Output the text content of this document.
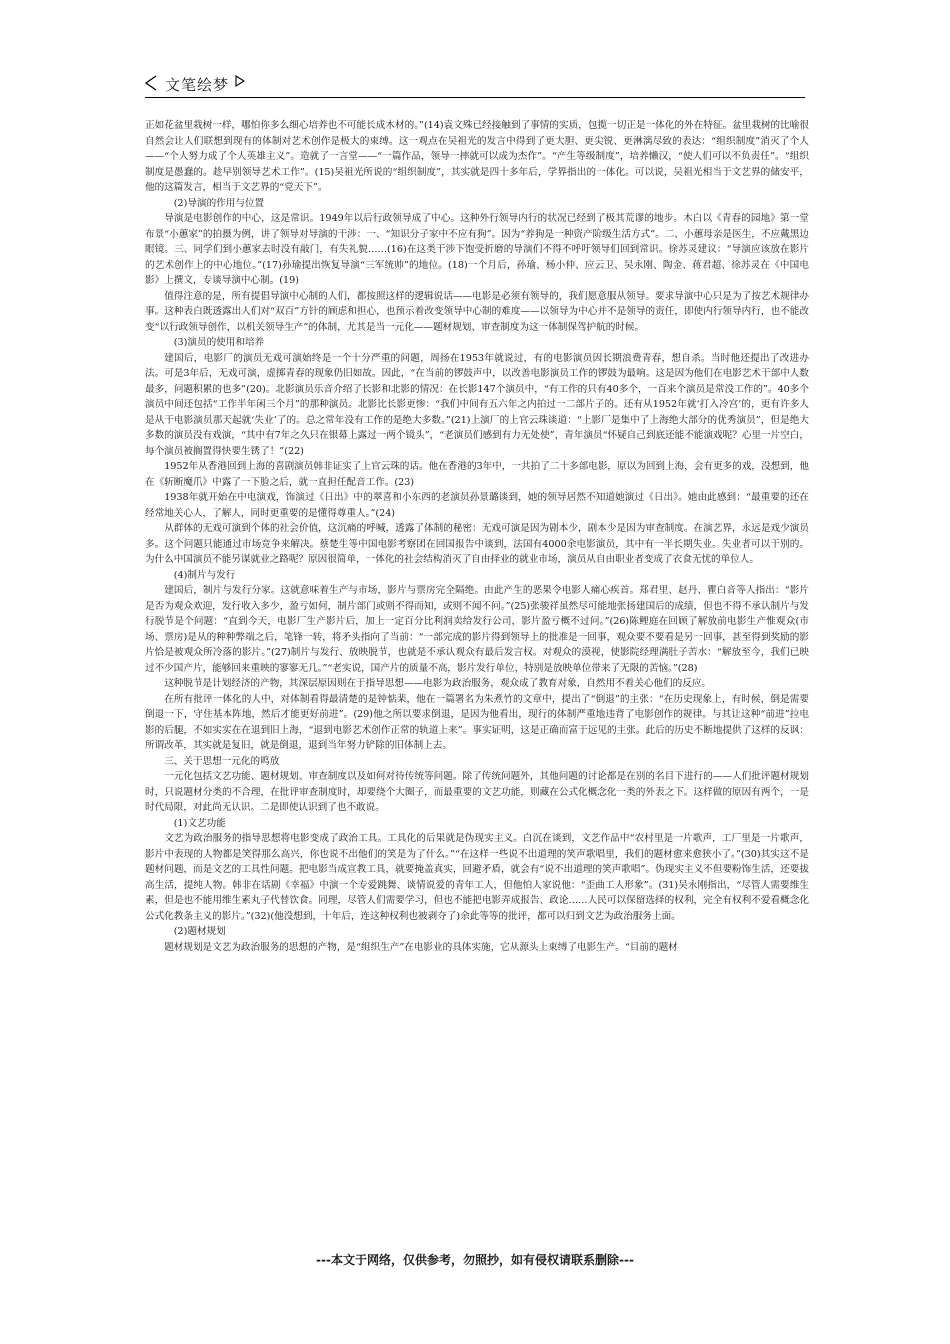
文笔绘梦

正如花盆里栽树一样，哪怕你多么细心培养也不可能长成木材的。”(14)袁文殊已经接触到了事情的实质，包揽一切正是一体化的外在特征。盆里栽树的比喻很自然会让人们联想到现有的体制对艺术创作是极大的束缚。这一观点在吴祖光的发言中得到了更大胆、更尖锐、更淋漓尽致的表达：“组织制度”消灭了个人——“个人努力成了个人英雄主义”。造就了一言堂——“一篇作品，领导一摔就可以成为杰作”。“产生等级制度”，培养懒汉，“使人们可以不负责任”。“组织制度是愚蠢的。趁早别领导艺术工作”。(15)吴祖光所说的“组织制度”，其实就是四十多年后，学界指出的一体化。可以说，吴祖光相当于文艺界的储安平，他的这篇发言，相当于文艺界的“党天下”。

(2)导演的作用与位置

导演是电影创作的中心，这是常识。1949年以后行政领导成了中心。这种外行领导内行的状况已经到了极其荒谬的地步。木白以《青春的园地》第一堂布景“小蕙家”的拍摄为例，讲了领导对导演的干涉：一、“知识分子家中不应有狗”。因为“养狗是一种资产阶级生活方式”。二、小蕙母亲是医生，不应戴黑边眼镜。三、同学们到小蕙家去时没有敲门，有失礼貌……(16)在这类干涉下饱受折磨的导演们不得不呼吁领导们回到常识。徐苏灵建议：“导演应该放在影片的艺术创作上的中心地位。”(17)孙瑜提出恢复导演“三军统帅”的地位。(18)一个月后，孙瑜、杨小仲、应云卫、吴永刚、陶金、蒋君超、徐苏灵在《中国电影》上撰文，专谈导演中心制。(19)

值得注意的是，所有提倡导演中心制的人们，都按照这样的逻辑说话——电影是必须有领导的，我们愿意服从领导。要求导演中心只是为了按艺术规律办事。这种表白既透露出人们对“双百”方针的顾虑和担心，也预示着改变领导中心制的难度——以领导为中心并不是领导的责任，即使内行领导内行，也不能改变“以行政领导创作，以机关领导生产”的体制，尤其是当一元化——题材规划、审查制度为这一体制保驾护航的时候。

(3)演员的使用和培养

建国后，电影厂的演员无戏可演始终是一个十分严重的问题，周扬在1953年就说过，有的电影演员因长期浪费青春，想自杀。当时他还提出了改进办法。可是3年后，无戏可演，虚掷青春的现象仍旧如故。因此，“在当前的锣鼓声中，以改善电影演员工作的锣鼓为最响。这是因为他们在电影艺术干部中人数最多，问题积累的也多”(20)。北影演员乐音介绍了长影和北影的情况：在长影147个演员中，“有工作的只有40多个，一百来个演员是常没工作的”。40多个演员中间还包括“工作半年闲三个月”的那种演员。北影比长影更惨：“我们中间有五六年之内拍过一二部片子的。还有从1952年就‘打入冷宫’的，更有许多人是从干电影演员那天起就‘失业’了的。总之常年没有工作的是绝大多数。”(21)上演厂的上官云珠谈道：“上影厂是集中了上海绝大部分的优秀演员”，但是绝大多数的演员没有戏演，“其中有7年之久只在银幕上露过一两个镜头”，“老演员们感到有力无处使”，青年演员“怀疑自己到底还能不能演戏呢？心里一片空白，每个演员被搁置得快要生锈了！”(22)

1952年从香港回到上海的喜剧演员韩非证实了上官云珠的话。他在香港的3年中，一共拍了二十多部电影，原以为回到上海，会有更多的戏，没想到，他在《斩断魔爪》中露了一下脸之后，就一直担任配音工作。(23)

1938年就开始在中电演戏，饰演过《日出》中的翠喜和小东西的老演员孙景璐谈到，她的领导居然不知道她演过《日出》。她由此感到：“最重要的还在经常地关心人，了解人，同时更重要的是懂得尊重人。”(24)

从群体的无戏可演到个体的社会价值，这沉痛的呼喊，透露了体制的秘密：无戏可演是因为剧本少，剧本少是因为审查制度。在演艺界，永远是戏少演员多。这个问题只能通过市场竞争来解决。蔡楚生等中国电影考察团在回国报告中谈到，法国有4000余电影演员，其中有一半长期失业。失业者可以干别的。为什么中国演员不能另谋就业之路呢？原因很简单，一体化的社会结构消灭了自由择业的就业市场，演员从自由职业者变成了衣食无忧的单位人。

(4)制片与发行

建国后，制片与发行分家。这就意味着生产与市场，影片与票房完全隔绝。由此产生的恶果令电影人痛心疾首。郑君里、赵丹、瞿白音等人指出：“影片是否为观众欢迎，发行收入多少，盈亏如何，制片部门或则不得而知，或则不闻不问。”(25)张骏祥虽然尽可能地张扬建国后的成绩，但也不得不承认制片与发行脱节是个问题：“直到今天，电影厂生产影片后，加上一定百分比利润卖给发行公司，影片盈亏概不过问。”(26)陈鲤庭在回顾了解放前电影生产惟观众(市场、票房)是从的种种弊端之后，笔锋一转，将矛头指向了当前：“一部完成的影片得到领导上的批准是一回事，观众要不要看是另一回事，甚至得到奖励的影片恰是被观众所冷落的影片。”(27)制片与发行、放映脱节，也就是不承认观众有最后发言权。对观众的漠视，使影院经理满肚子苦水：“解放至今，我们已映过不少国产片，能够回来重映的寥寥无几。”“老实说，国产片的质量不高，影片发行单位，特别是放映单位带来了无限的苦恼。”(28)

这种脱节是计划经济的产物，其深层原因则在于指导思想——电影为政治服务，观众成了教育对象，自然用不着关心他们的反应。

在所有批评一体化的人中，对体制看得最清楚的是钟惦棐，他在一篇署名为朱煮竹的文章中，提出了“倒退”的主张：“在历史现象上，有时候，倒是需要倒退一下，守住基本阵地，然后才能更好前进”。(29)他之所以要求倒退，是因为他看出，现行的体制严重地违背了电影创作的规律。与其让这种“前进”拉电影的后腿，不如实实在在退到旧上海，“退到电影艺术创作正常的轨道上来”。事实证明，这是正确而富于远见的主张。此后的历史不断地提供了这样的反讽：所谓改革，其实就是复旧，就是倒退，退到当年努力铲除的旧体制上去。

三、关于思想一元化的鸣放

一元化包括文艺功能、题材规划、审查制度以及如何对待传统等问题。除了传统问题外，其他问题的讨论都是在别的名目下进行的——人们批评题材规划时，只说题材分类的不合理，在批评审查制度时，却要绕个大圈子，而最重要的文艺功能，则藏在公式化概念化一类的外表之下。这样做的原因有两个，一是时代局限，对此尚无认识。二是即使认识到了也不敢说。

(1)文艺功能

文艺为政治服务的指导思想将电影变成了政治工具。工具化的后果就是伪现实主义。白沉在谈到，文艺作品中“农村里是一片歌声，工厂里是一片歌声，影片中表现的人物都是笑得那么高兴，你也说不出他们的笑是为了什么。”“在这样一些说不出道理的笑声歌唱里，我们的题材愈来愈狭小了。”(30)其实这不是题材问题，而是文艺的工具性问题。把电影当成宣教工具，就要掩盖真实，回避矛盾，就会有“说不出道理的笑声歌唱”。伪现实主义不但要粉饰生活，还要拔高生活，提纯人物。韩非在话剧《幸福》中演一个专爱跳舞、谈情说爱的青年工人，但他怕人家说他：“歪曲工人形象”。(31)吴永刚指出，“尽管人需要维生素，但是也不能用维生素丸子代替饮食。同理，尽管人们需要学习，但也不能把电影弄成报告、政论……人民可以保留选择的权利，完全有权利不爱看概念化公式化教条主义的影片。”(32)(他没想到，十年后，连这种权利也被剥夺了)余此等等的批评，都可以归到文艺为政治服务上面。

(2)题材规划

题材规划是文艺为政治服务的思想的产物，是“组织生产”在电影业的具体实施，它从源头上束缚了电影生产。“目前的题材

---本文于网络，仅供参考，勿照抄，如有侵权请联系删除---
